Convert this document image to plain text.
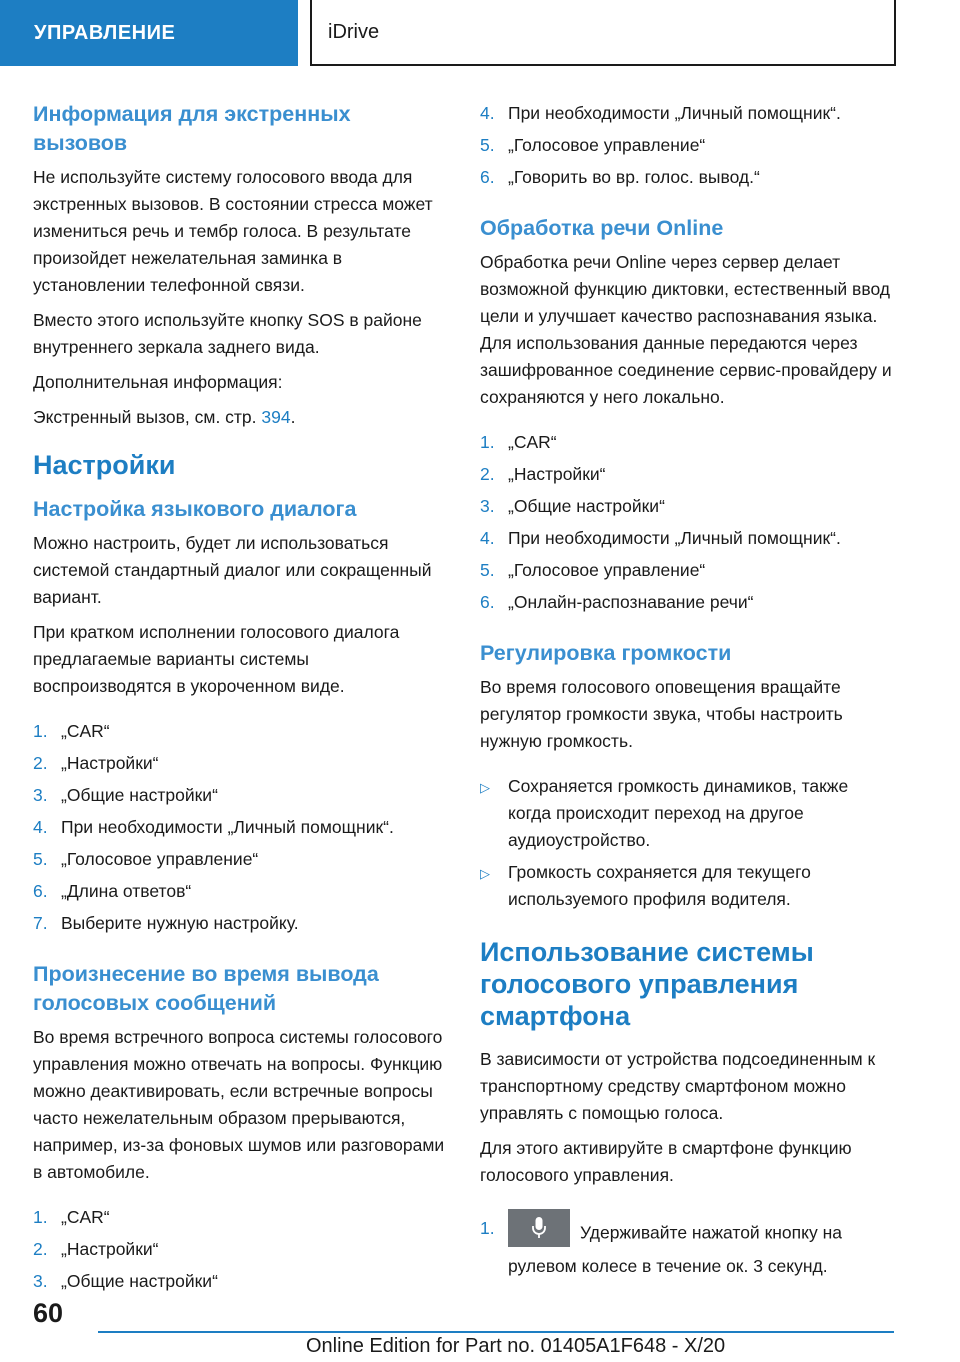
УПРАВЛЕНИЕ	iDrive
Информация для экстренных вызовов
Не используйте систему голосового ввода для экстренных вызовов. В состоянии стресса может измениться речь и тембр голоса. В результате произойдет нежелательная заминка в установлении телефонной связи.
Вместо этого используйте кнопку SOS в районе внутреннего зеркала заднего вида.
Дополнительная информация:
Экстренный вызов, см. стр. 394.
Настройки
Настройка языкового диалога
Можно настроить, будет ли использоваться системой стандартный диалог или сокращенный вариант.
При кратком исполнении голосового диалога предлагаемые варианты системы воспроизводятся в укороченном виде.
1. „CAR“
2. „Настройки“
3. „Общие настройки“
4. При необходимости „Личный помощник“.
5. „Голосовое управление“
6. „Длина ответов“
7. Выберите нужную настройку.
Произнесение во время вывода голосовых сообщений
Во время встречного вопроса системы голосового управления можно отвечать на вопросы. Функцию можно деактивировать, если встречные вопросы часто нежелательным образом прерываются, например, из-за фоновых шумов или разговорами в автомобиле.
1. „CAR“
2. „Настройки“
3. „Общие настройки“
4. При необходимости „Личный помощник“.
5. „Голосовое управление“
6. „Говорить во вр. голос. вывод.“
Обработка речи Online
Обработка речи Online через сервер делает возможной функцию диктовки, естественный ввод цели и улучшает качество распознавания языка. Для использования данные передаются через зашифрованное соединение сервис-провайдеру и сохраняются у него локально.
1. „CAR“
2. „Настройки“
3. „Общие настройки“
4. При необходимости „Личный помощник“.
5. „Голосовое управление“
6. „Онлайн-распознавание речи“
Регулировка громкости
Во время голосового оповещения вращайте регулятор громкости звука, чтобы настроить нужную громкость.
▷	Сохраняется громкость динамиков, также когда происходит переход на другое аудиоустройство.
▷	Громкость сохраняется для текущего используемого профиля водителя.
Использование системы голосового управления смартфона
В зависимости от устройства подсоединенным к транспортному средству смартфоном можно управлять с помощью голоса.
Для этого активируйте в смартфоне функцию голосового управления.
1.	Удерживайте нажатой кнопку на рулевом колесе в течение ок. 3 секунд.
60
Online Edition for Part no. 01405A1F648 - X/20
